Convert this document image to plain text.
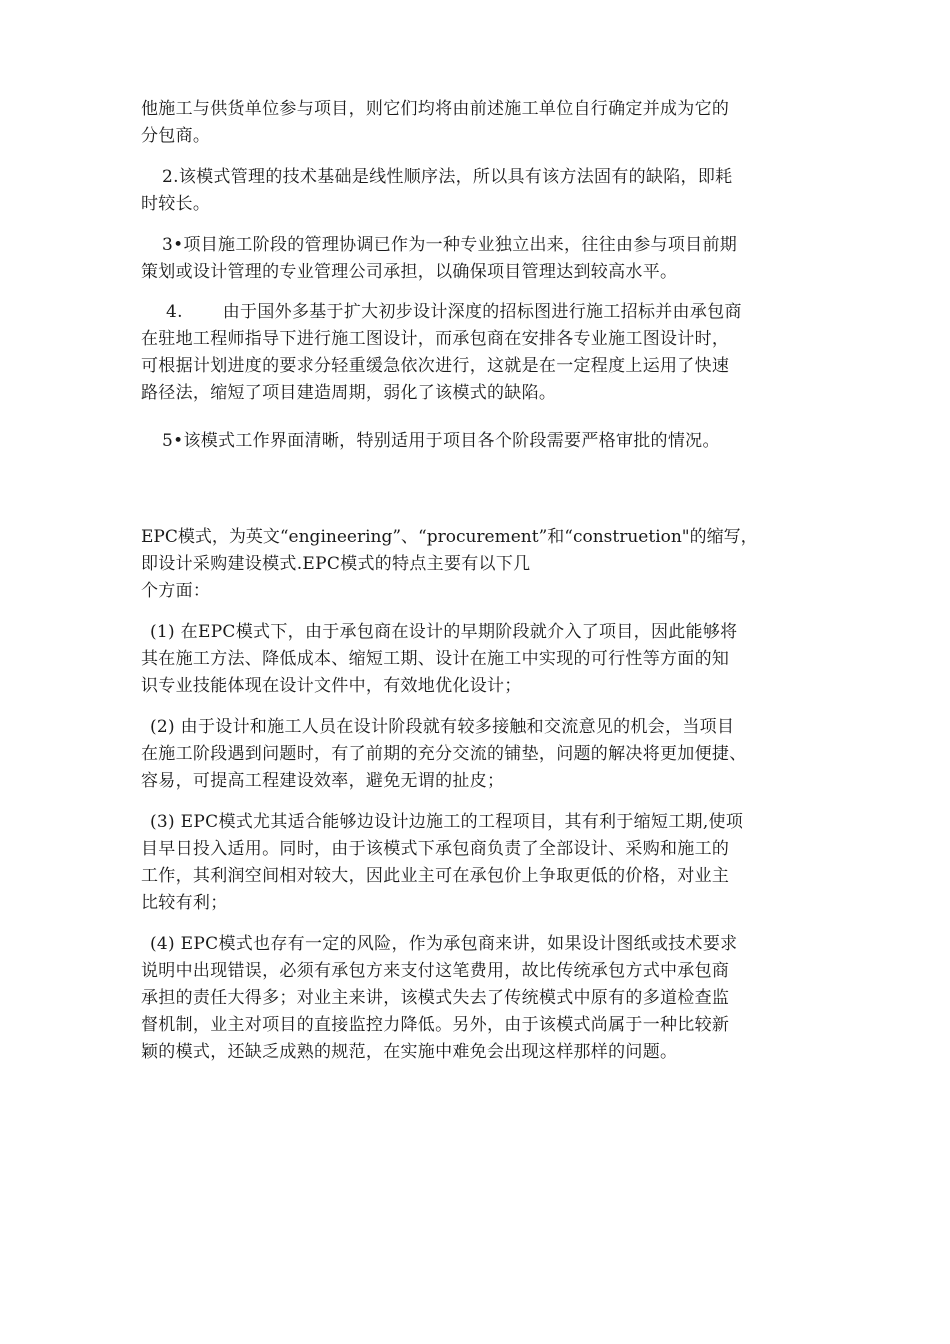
他施工与供货单位参与项目，则它们均将由前述施工单位自行确定并成为它的
分包商。
2.该模式管理的技术基础是线性顺序法，所以具有该方法固有的缺陷，即耗
时较长。
3•项目施工阶段的管理协调已作为一种专业独立出来，往往由参与项目前期
策划或设计管理的专业管理公司承担，以确保项目管理达到较高水平。
4.       由于国外多基于扩大初步设计深度的招标图进行施工招标并由承包商
在驻地工程师指导下进行施工图设计，而承包商在安排各专业施工图设计时，
可根据计划进度的要求分轻重缓急依次进行，这就是在一定程度上运用了快速
路径法，缩短了项目建造周期，弱化了该模式的缺陷。
5•该模式工作界面清晰，特别适用于项目各个阶段需要严格审批的情况。
EPC模式，为英文“engineering”、“procurement”和“construetion"的缩写，
即设计采购建设模式.EPC模式的特点主要有以下几
个方面：
(1) 在EPC模式下，由于承包商在设计的早期阶段就介入了项目，因此能够将
其在施工方法、降低成本、缩短工期、设计在施工中实现的可行性等方面的知
识专业技能体现在设计文件中，有效地优化设计；
(2) 由于设计和施工人员在设计阶段就有较多接触和交流意见的机会，当项目
在施工阶段遇到问题时，有了前期的充分交流的铺垫，问题的解决将更加便捷、
容易，可提高工程建设效率，避免无谓的扯皮；
(3) EPC模式尤其适合能够边设计边施工的工程项目，其有利于缩短工期,使项
目早日投入适用。同时，由于该模式下承包商负责了全部设计、采购和施工的
工作，其利润空间相对较大，因此业主可在承包价上争取更低的价格，对业主
比较有利；
(4) EPC模式也存有一定的风险，作为承包商来讲，如果设计图纸或技术要求
说明中出现错误，必须有承包方来支付这笔费用，故比传统承包方式中承包商
承担的责任大得多；对业主来讲，该模式失去了传统模式中原有的多道检查监
督机制，业主对项目的直接监控力降低。另外，由于该模式尚属于一种比较新
颖的模式，还缺乏成熟的规范，在实施中难免会出现这样那样的问题。
